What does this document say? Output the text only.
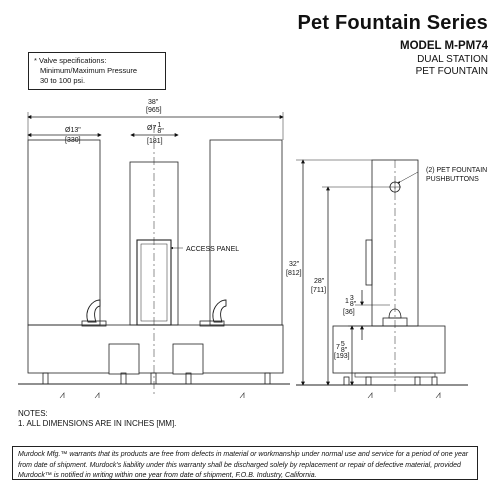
Pet Fountain Series
MODEL M-PM74
DUAL STATION
PET FOUNTAIN
* Valve specifications:
Minimum/Maximum Pressure
30 to 100 psi.
38"
[965]
Ø13"
[330]
Ø7
[181]
ACCESS PANEL
(2) PET FOUNTAIN
PUSHBUTTONS
32"
[812]
28"
[711]
1
[36]
7
[193]
1
8"
3
8"
5
8"
NOTES:
1. ALL DIMENSIONS ARE IN INCHES [MM].
Murdock Mfg.™ warrants that its products are free from defects in material or workmanship under normal use and service for a period of one year from date of shipment. Murdock's liability under this warranty shall be discharged solely by replacement or repair of defective material, provided Murdock™ is notified in writing within one year from date of shipment, F.O.B. Industry, California.
